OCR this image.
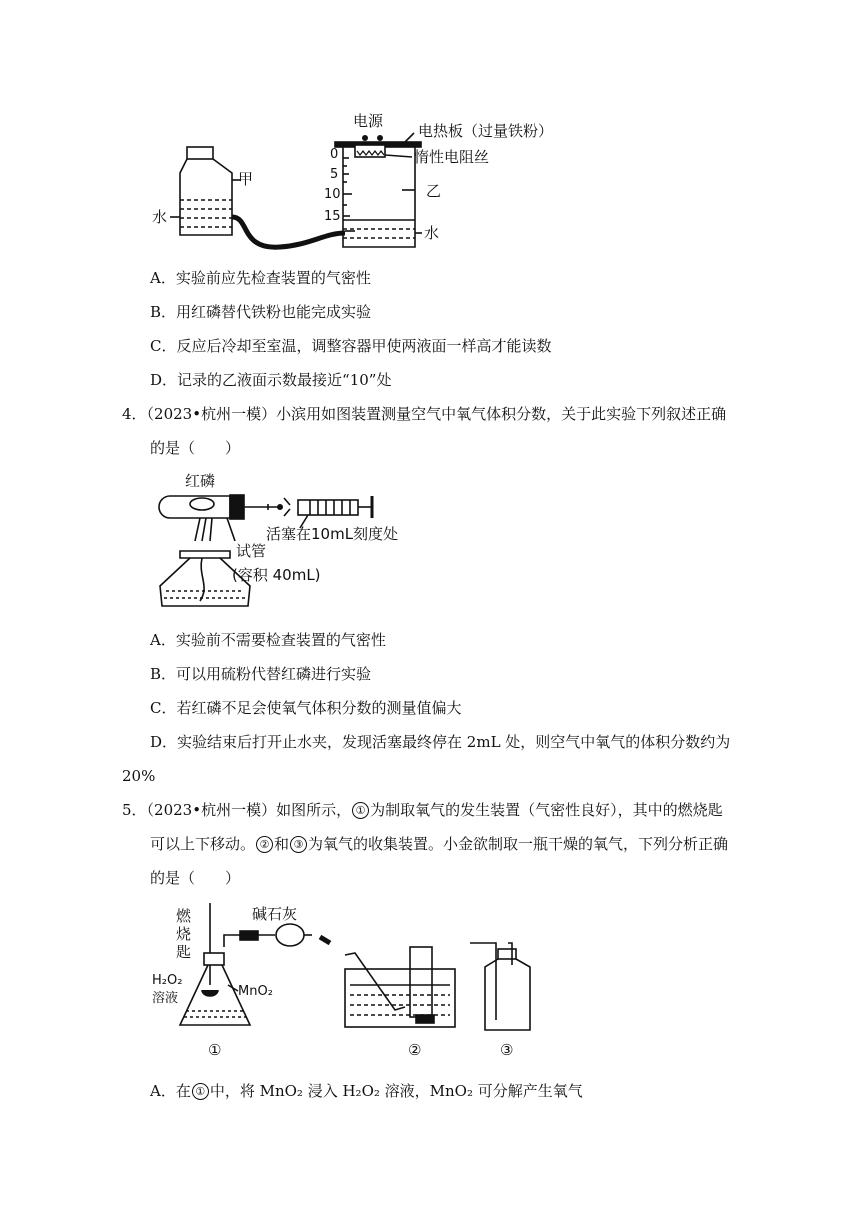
电源
电热板（过量铁粉）
惰性电阻丝
甲
乙
水
水
0
5
10
15
A．实验前应先检查装置的气密性
B．用红磷替代铁粉也能完成实验
C．反应后冷却至室温，调整容器甲使两液面一样高才能读数
D．记录的乙液面示数最接近“10”处
4．（2023•杭州一模）小滨用如图装置测量空气中氧气体积分数，关于此实验下列叙述正确
的是（　　）
红磷
活塞在10mL刻度处
试管
(容积 40mL)
A．实验前不需要检查装置的气密性
B．可以用硫粉代替红磷进行实验
C．若红磷不足会使氧气体积分数的测量值偏大
D．实验结束后打开止水夹，发现活塞最终停在 2mL 处，则空气中氧气的体积分数约为
20%
5．（2023•杭州一模）如图所示， ① 为制取氧气的发生装置（气密性良好），其中的燃烧匙
可以上下移动。 ② 和 ③ 为氧气的收集装置。小金欲制取一瓶干燥的氧气，下列分析正确
的是（　　）
燃
烧
匙
碱石灰
H₂O₂
溶液	MnO₂
①	②	③
A．在 ① 中，将 MnO₂ 浸入 H₂O₂ 溶液，MnO₂ 可分解产生氧气
